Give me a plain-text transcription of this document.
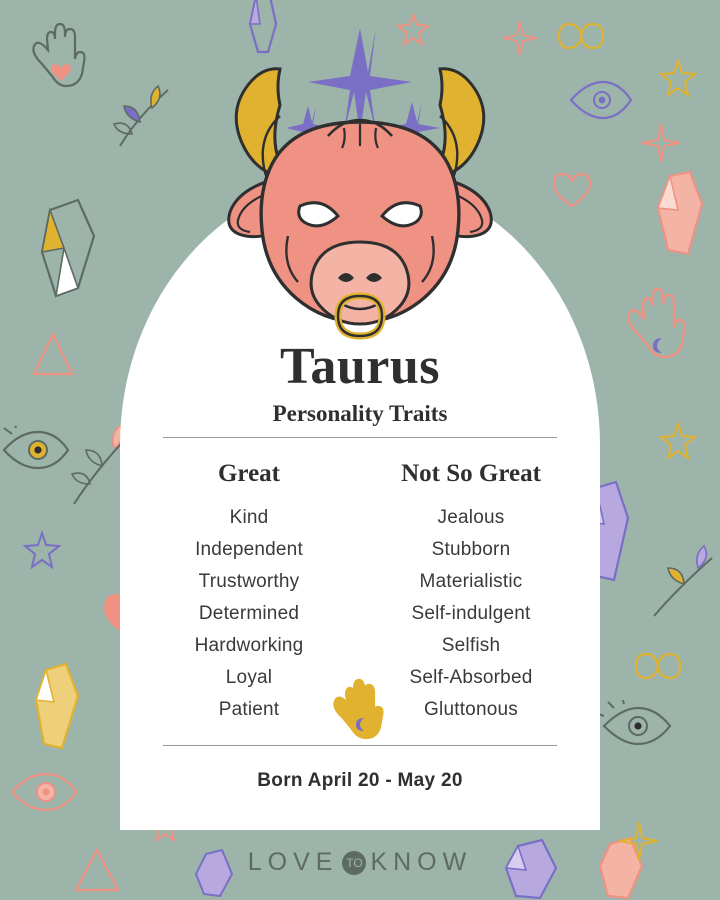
Taurus
Personality Traits
Great
Kind
Independent
Trustworthy
Determined
Hardworking
Loyal
Patient
Not So Great
Jealous
Stubborn
Materialistic
Self-indulgent
Selfish
Self-Absorbed
Gluttonous
Born April 20 - May 20
LOVE TO KNOW
